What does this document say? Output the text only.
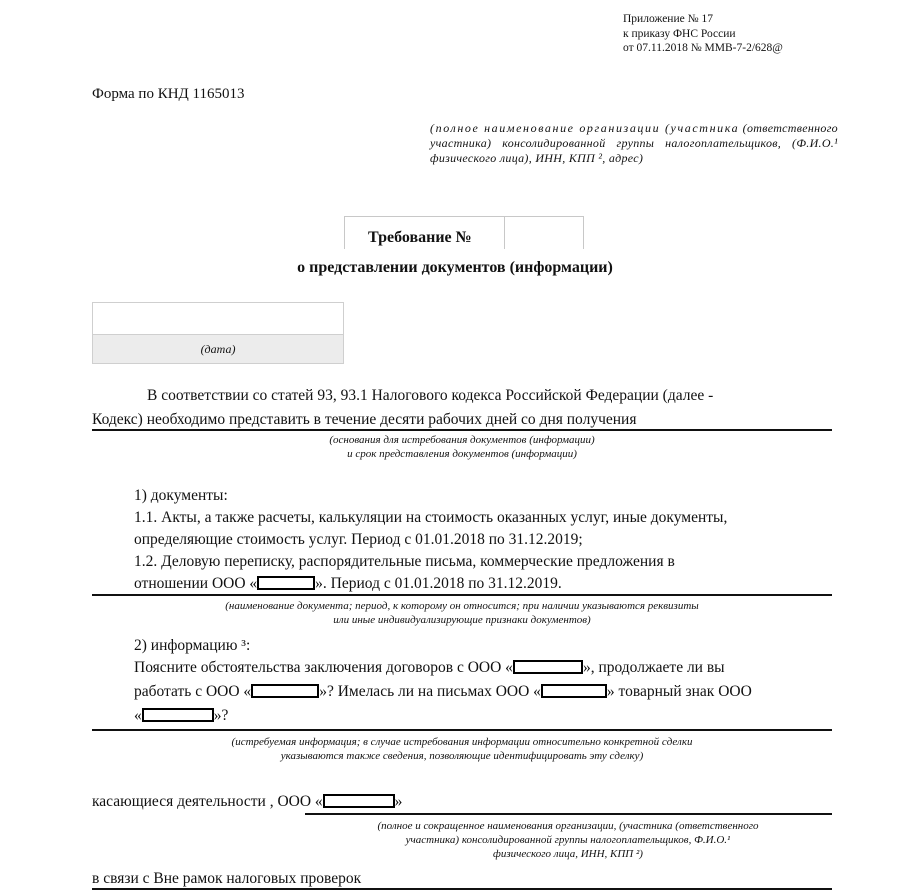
Приложение № 17
к приказу ФНС России
от 07.11.2018 № ММВ-7-2/628@
Форма по КНД 1165013
(полное наименование организации (участника (ответственного участника) консолидированной группы налогоплательщиков, (Ф.И.О.¹ физического лица), ИНН, КПП ², адрес)
Требование №
о представлении документов (информации)
(дата)
В соответствии со статей 93, 93.1 Налогового кодекса Российской Федерации (далее -
Кодекс) необходимо представить в течение десяти рабочих дней со дня получения
(основания для истребования документов (информации)
и срок представления документов (информации)
1) документы:
1.1. Акты, а также расчеты, калькуляции на стоимость оказанных услуг, иные документы,
определяющие стоимость услуг. Период с 01.01.2018 по 31.12.2019;
1.2. Деловую переписку, распорядительные письма, коммерческие предложения в
отношении ООО «	». Период с 01.01.2018 по 31.12.2019.
(наименование документа; период, к которому он относится; при наличии указываются реквизиты
или иные индивидуализирующие признаки документов)
2) информацию ³:
Поясните обстоятельства заключения договоров с ООО «	», продолжаете ли вы
работать с ООО «	»? Имелась ли на письмах ООО «	» товарный знак ООО
«	»?
(истребуемая информация; в случае истребования информации относительно конкретной сделки
указываются также сведения, позволяющие идентифицировать эту сделку)
касающиеся деятельности , ООО «	»
(полное и сокращенное наименования организации, (участника (ответственного
участника) консолидированной группы налогоплательщиков, Ф.И.О.¹
физического лица, ИНН, КПП ²)
в связи с Вне рамок налоговых проверок
